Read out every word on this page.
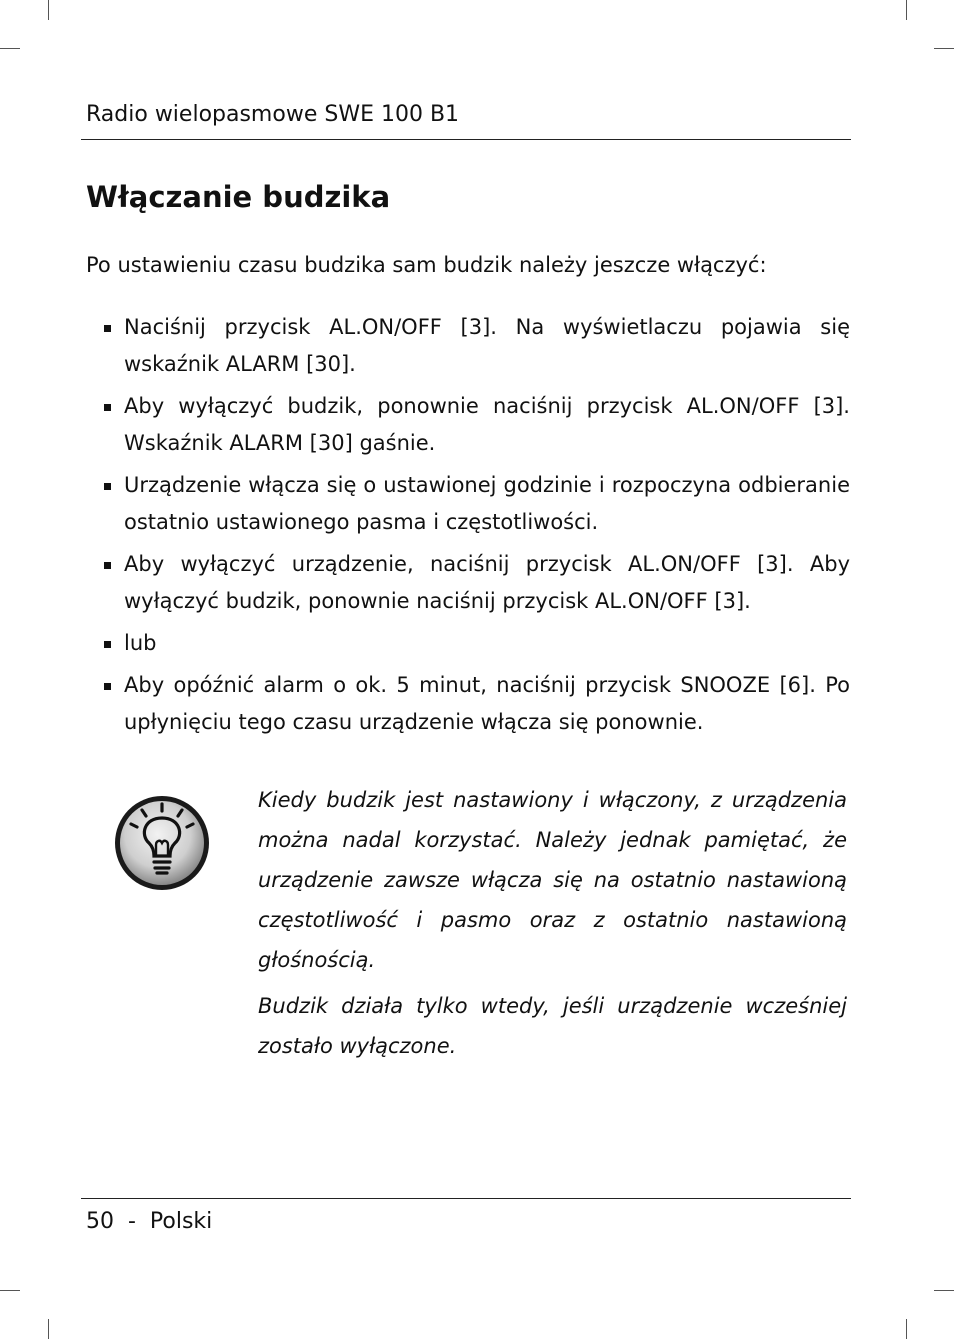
Radio wielopasmowe SWE 100 B1
Włączanie budzika
Po ustawieniu czasu budzika sam budzik należy jeszcze włączyć:
Naciśnij przycisk AL.ON/OFF [3]. Na wyświetlaczu pojawia się wskaźnik ALARM [30].
Aby wyłączyć budzik, ponownie naciśnij przycisk AL.ON/OFF [3]. Wskaźnik ALARM [30] gaśnie.
Urządzenie włącza się o ustawionej godzinie i rozpoczyna odbieranie ostatnio ustawionego pasma i częstotliwości.
Aby wyłączyć urządzenie, naciśnij przycisk AL.ON/OFF [3]. Aby wyłączyć budzik, ponownie naciśnij przycisk AL.ON/OFF [3].
lub
Aby opóźnić alarm o ok. 5 minut, naciśnij przycisk SNOOZE [6]. Po upłynięciu tego czasu urządzenie włącza się ponownie.

Kiedy budzik jest nastawiony i włączony, z urządzenia można nadal korzystać. Należy jednak pamiętać, że urządzenie zawsze włącza się na ostatnio nastawioną częstotliwość i pasmo oraz z ostatnio nastawioną głośnością.

Budzik działa tylko wtedy, jeśli urządzenie wcześniej zostało wyłączone.

50  -  Polski
